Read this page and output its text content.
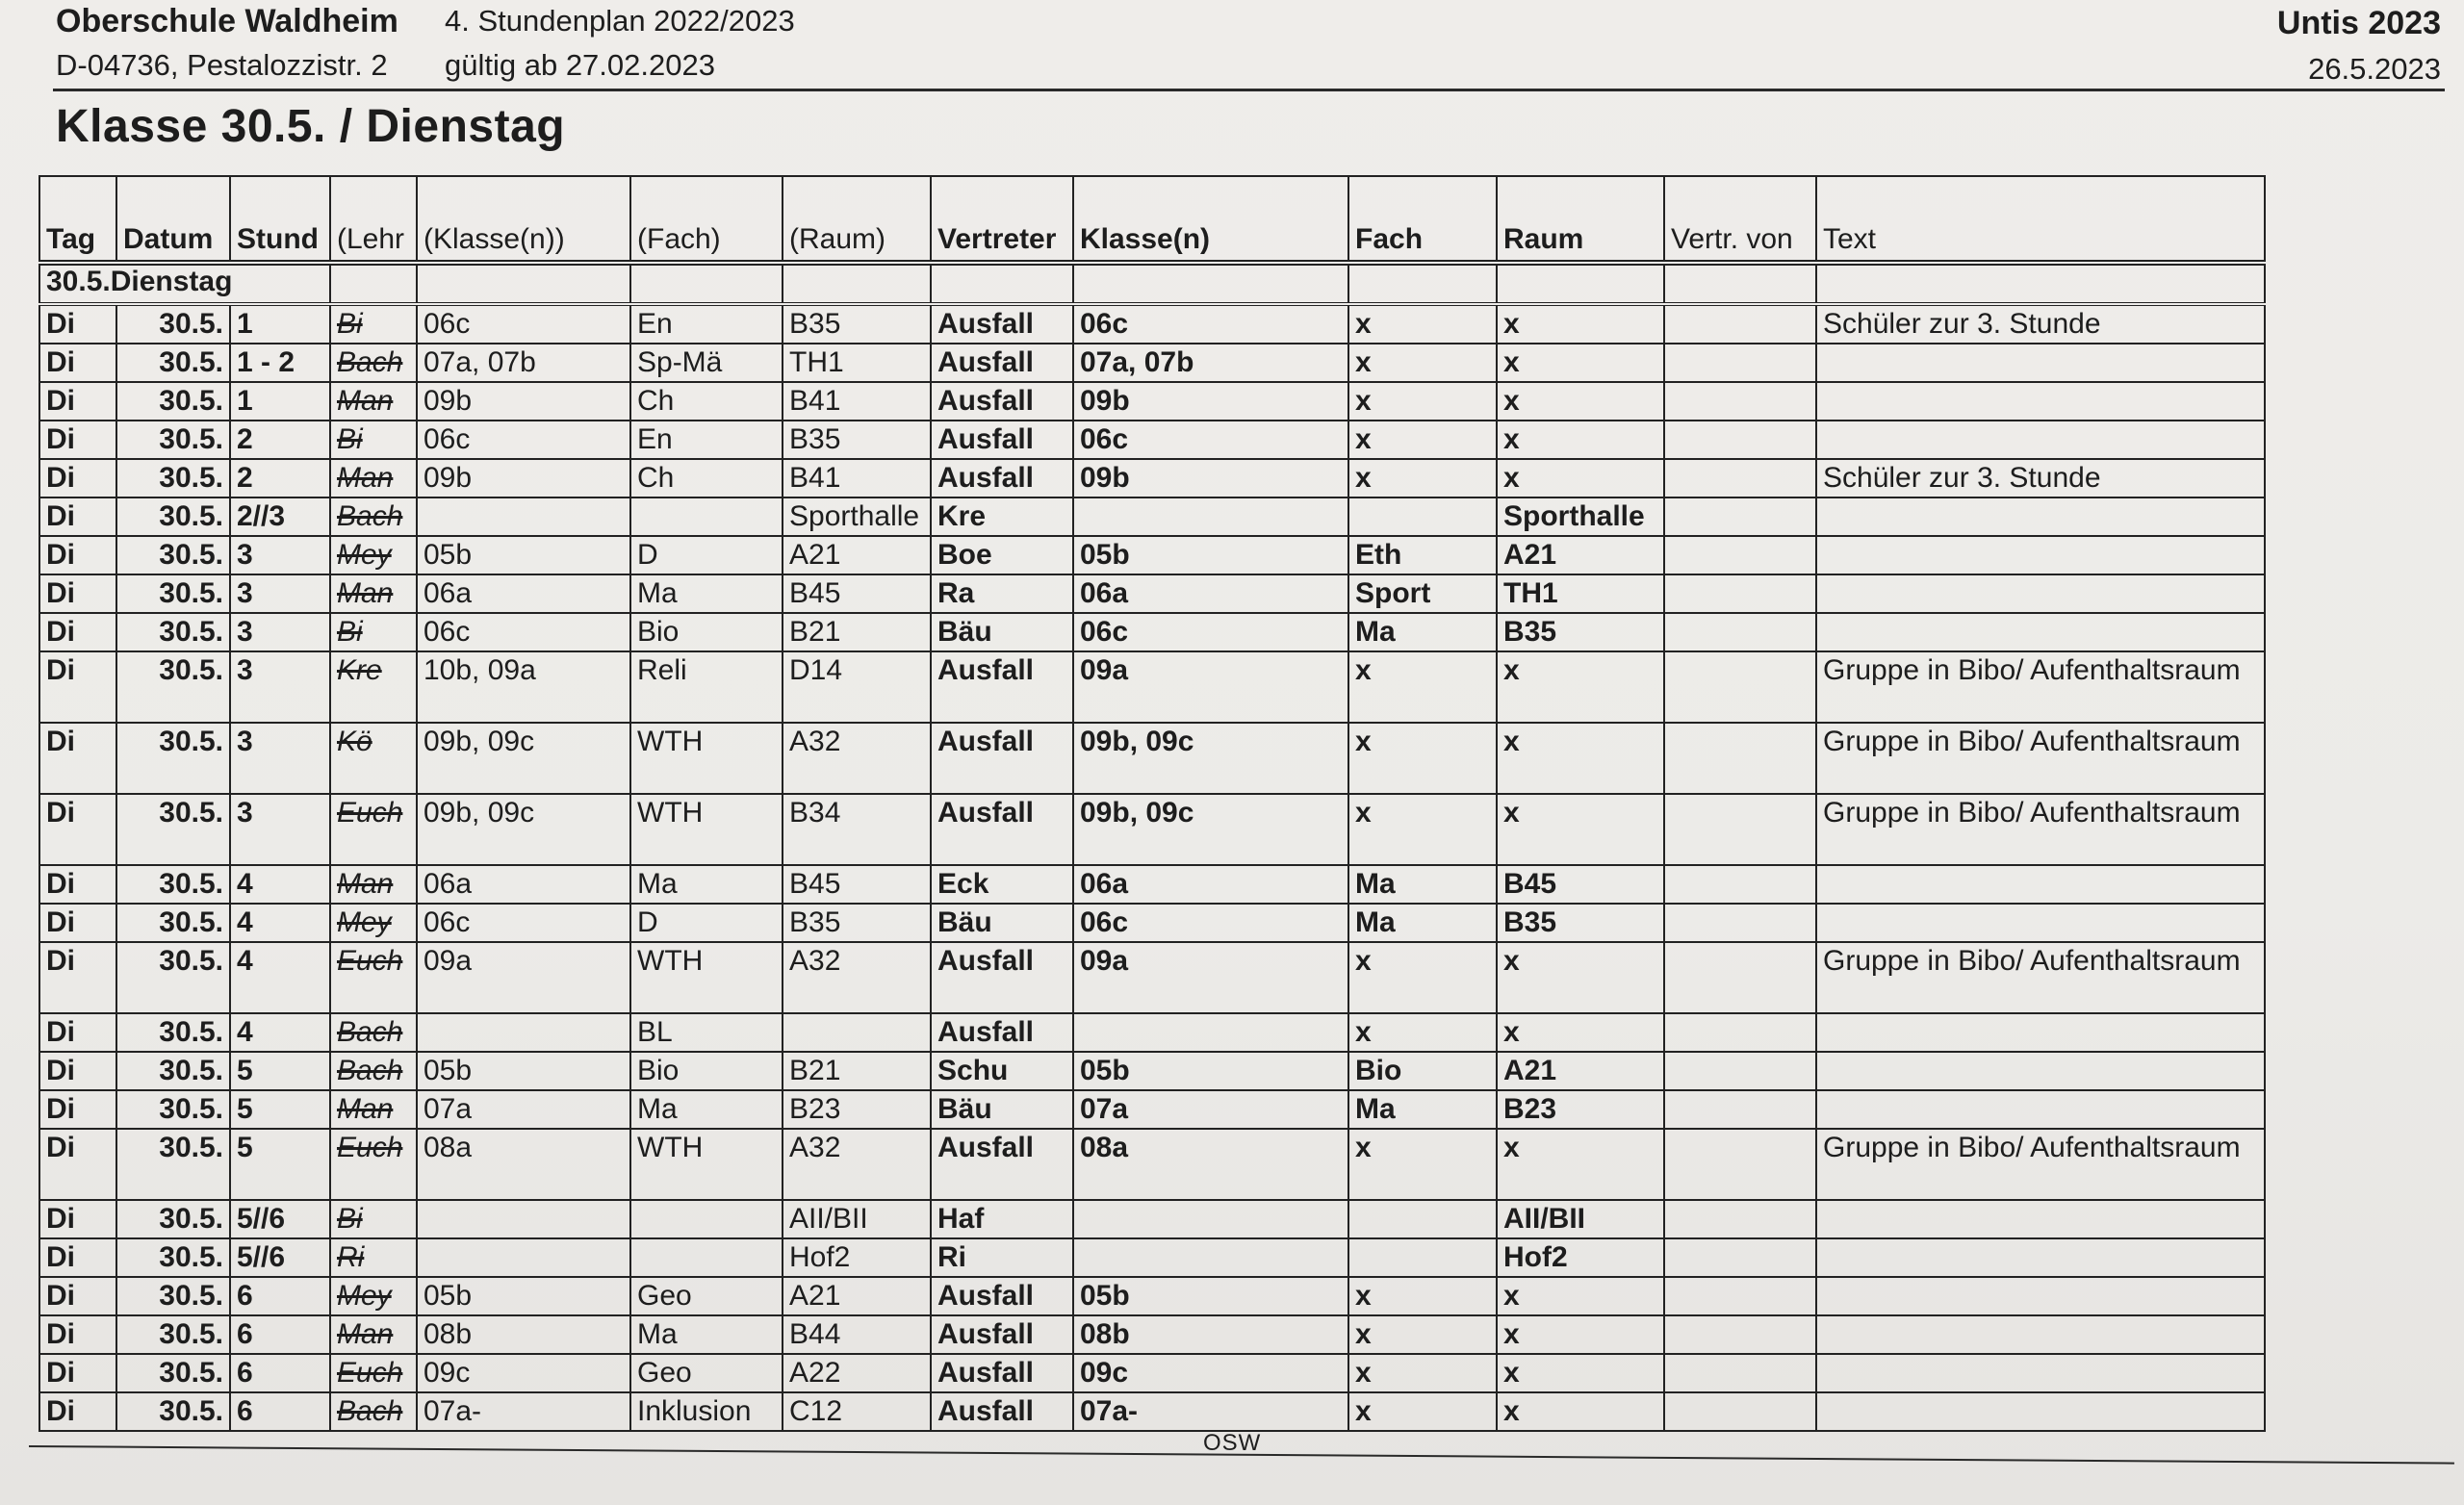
Oberschule Waldheim
D-04736, Pestalozzistr. 2
4. Stundenplan 2022/2023
gültig ab 27.02.2023
Untis 2023
26.5.2023
Klasse 30.5. / Dienstag
Tag	Datum	Stund	(Lehr	(Klasse(n))	(Fach)	(Raum)	Vertreter	Klasse(n)	Fach	Raum	Vertr. von	Text
30.5.Dienstag												
Di	30.5.	1	Bi	06c	En	B35	Ausfall	06c	x	x		Schüler zur 3. Stunde
Di	30.5.	1 - 2	Bach	07a, 07b	Sp-Mä	TH1	Ausfall	07a, 07b	x	x		
Di	30.5.	1	Man	09b	Ch	B41	Ausfall	09b	x	x		
Di	30.5.	2	Bi	06c	En	B35	Ausfall	06c	x	x		
Di	30.5.	2	Man	09b	Ch	B41	Ausfall	09b	x	x		Schüler zur 3. Stunde
Di	30.5.	2//3	Bach			Sporthalle	Kre			Sporthalle		
Di	30.5.	3	Mey	05b	D	A21	Boe	05b	Eth	A21		
Di	30.5.	3	Man	06a	Ma	B45	Ra	06a	Sport	TH1		
Di	30.5.	3	Bi	06c	Bio	B21	Bäu	06c	Ma	B35		
Di	30.5.	3	Kre	10b, 09a	Reli	D14	Ausfall	09a	x	x		Gruppe in Bibo/ Aufenthaltsraum
Di	30.5.	3	Kö	09b, 09c	WTH	A32	Ausfall	09b, 09c	x	x		Gruppe in Bibo/ Aufenthaltsraum
Di	30.5.	3	Euch	09b, 09c	WTH	B34	Ausfall	09b, 09c	x	x		Gruppe in Bibo/ Aufenthaltsraum
Di	30.5.	4	Man	06a	Ma	B45	Eck	06a	Ma	B45		
Di	30.5.	4	Mey	06c	D	B35	Bäu	06c	Ma	B35		
Di	30.5.	4	Euch	09a	WTH	A32	Ausfall	09a	x	x		Gruppe in Bibo/ Aufenthaltsraum
Di	30.5.	4	Bach		BL		Ausfall		x	x		
Di	30.5.	5	Bach	05b	Bio	B21	Schu	05b	Bio	A21		
Di	30.5.	5	Man	07a	Ma	B23	Bäu	07a	Ma	B23		
Di	30.5.	5	Euch	08a	WTH	A32	Ausfall	08a	x	x		Gruppe in Bibo/ Aufenthaltsraum
Di	30.5.	5//6	Bi			AII/BII	Haf			AII/BII		
Di	30.5.	5//6	Ri			Hof2	Ri			Hof2		
Di	30.5.	6	Mey	05b	Geo	A21	Ausfall	05b	x	x		
Di	30.5.	6	Man	08b	Ma	B44	Ausfall	08b	x	x		
Di	30.5.	6	Euch	09c	Geo	A22	Ausfall	09c	x	x		
Di	30.5.	6	Bach	07a-	Inklusion	C12	Ausfall	07a-	x	x		
OSW
